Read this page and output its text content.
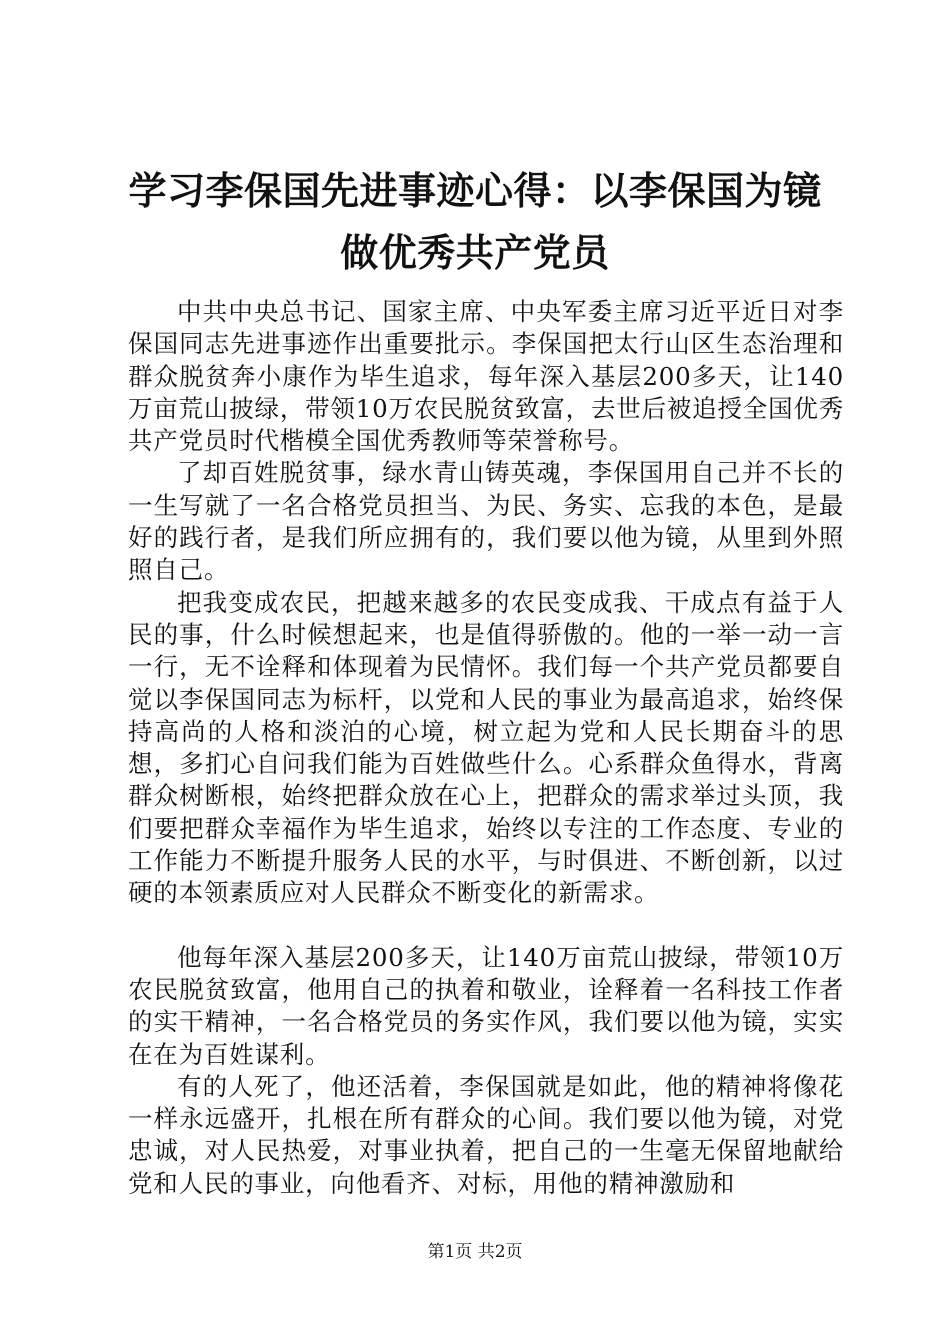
学习李保国先进事迹心得：以李保国为镜做优秀共产党员

中共中央总书记、国家主席、中央军委主席习近平近日对李保国同志先进事迹作出重要批示。李保国把太行山区生态治理和群众脱贫奔小康作为毕生追求，每年深入基层200多天，让140万亩荒山披绿，带领10万农民脱贫致富，去世后被追授全国优秀共产党员时代楷模全国优秀教师等荣誉称号。

了却百姓脱贫事，绿水青山铸英魂，李保国用自己并不长的一生写就了一名合格党员担当、为民、务实、忘我的本色，是最好的践行者，是我们所应拥有的，我们要以他为镜，从里到外照照自己。

把我变成农民，把越来越多的农民变成我、干成点有益于人民的事，什么时候想起来，也是值得骄傲的。他的一举一动一言一行，无不诠释和体现着为民情怀。我们每一个共产党员都要自觉以李保国同志为标杆，以党和人民的事业为最高追求，始终保持高尚的人格和淡泊的心境，树立起为党和人民长期奋斗的思想，多扪心自问我们能为百姓做些什么。心系群众鱼得水，背离群众树断根，始终把群众放在心上，把群众的需求举过头顶，我们要把群众幸福作为毕生追求，始终以专注的工作态度、专业的工作能力不断提升服务人民的水平，与时俱进、不断创新，以过硬的本领素质应对人民群众不断变化的新需求。

他每年深入基层200多天，让140万亩荒山披绿，带领10万农民脱贫致富，他用自己的执着和敬业，诠释着一名科技工作者的实干精神，一名合格党员的务实作风，我们要以他为镜，实实在在为百姓谋利。

有的人死了，他还活着，李保国就是如此，他的精神将像花一样永远盛开，扎根在所有群众的心间。我们要以他为镜，对党忠诚，对人民热爱，对事业执着，把自己的一生毫无保留地献给党和人民的事业，向他看齐、对标，用他的精神激励和

第1页 共2页
